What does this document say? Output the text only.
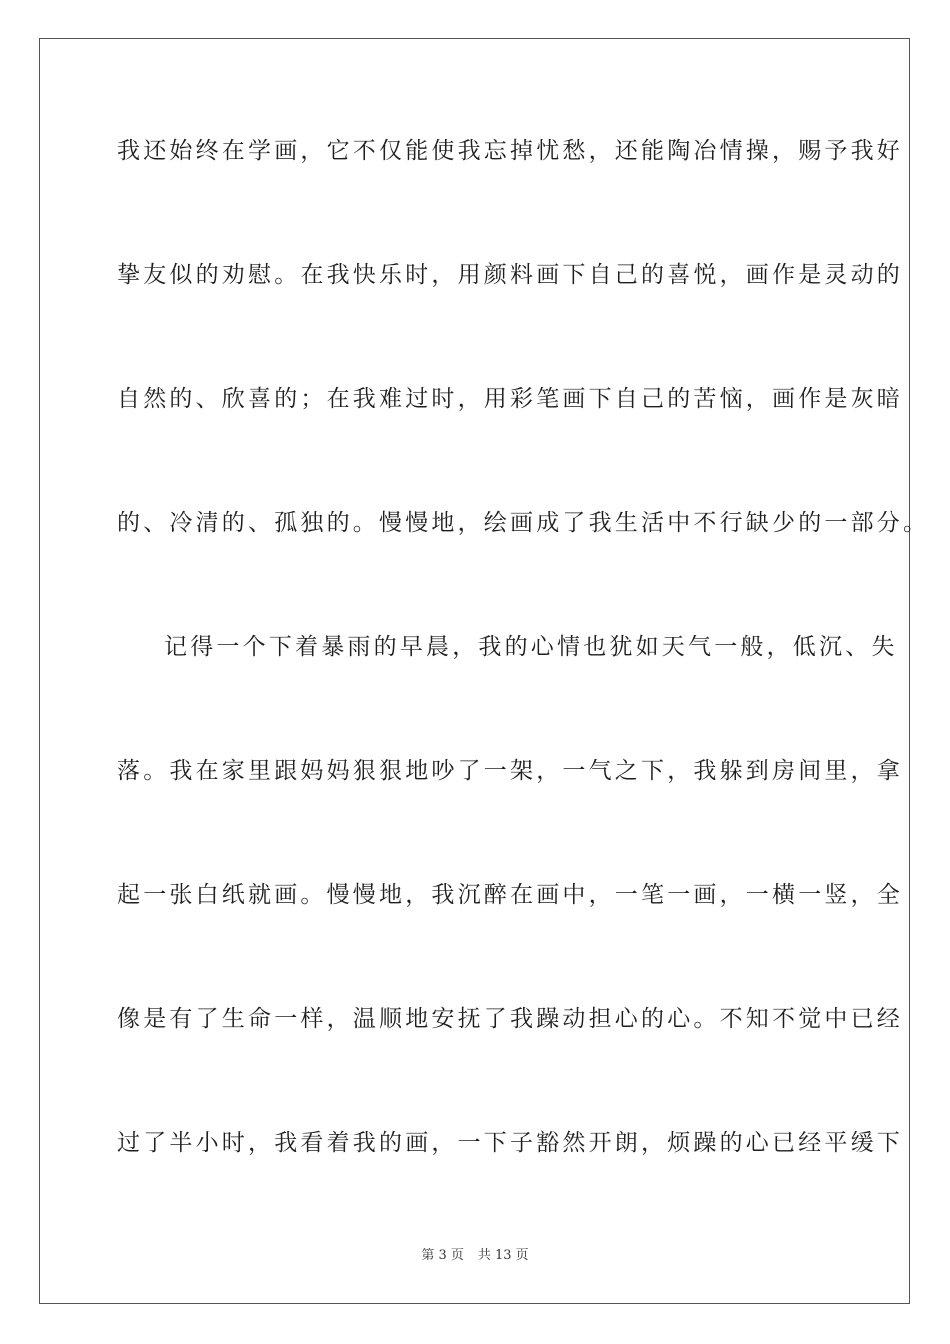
我还始终在学画，它不仅能使我忘掉忧愁，还能陶冶情操，赐予我好
挚友似的劝慰。在我快乐时，用颜料画下自己的喜悦，画作是灵动的
自然的、欣喜的；在我难过时，用彩笔画下自己的苦恼，画作是灰暗
的、冷清的、孤独的。慢慢地，绘画成了我生活中不行缺少的一部分。
记得一个下着暴雨的早晨，我的心情也犹如天气一般，低沉、失
落。我在家里跟妈妈狠狠地吵了一架，一气之下，我躲到房间里，拿
起一张白纸就画。慢慢地，我沉醉在画中，一笔一画，一横一竖，全
像是有了生命一样，温顺地安抚了我躁动担心的心。不知不觉中已经
过了半小时，我看着我的画，一下子豁然开朗，烦躁的心已经平缓下
第 3 页 共 13 页
